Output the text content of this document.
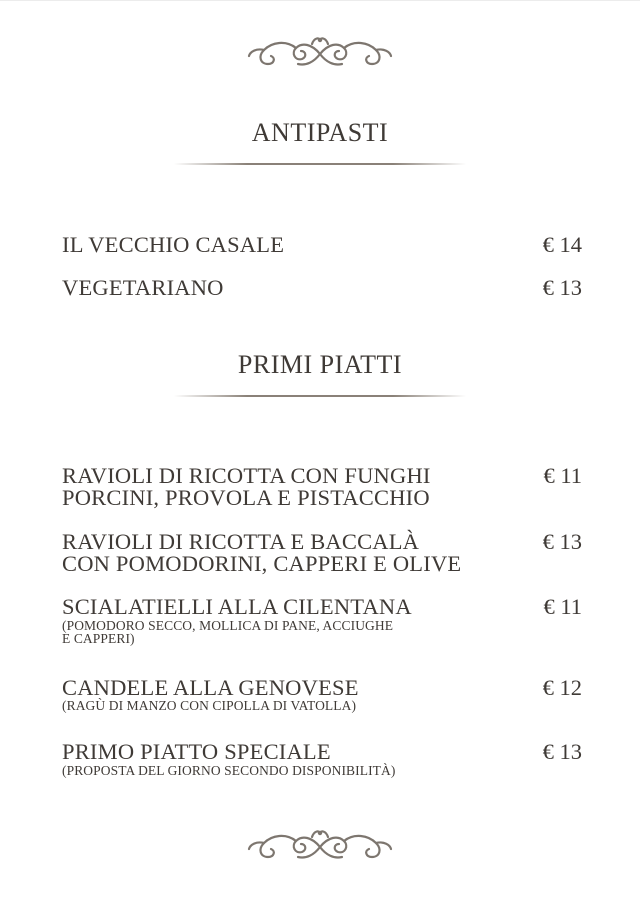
ANTIPASTI
IL VECCHIO CASALE	€ 14
VEGETARIANO	€ 13
PRIMI PIATTI
RAVIOLI DI RICOTTA CON FUNGHI
PORCINI, PROVOLA E PISTACCHIO
€ 11
RAVIOLI DI RICOTTA E BACCALÀ
CON POMODORINI, CAPPERI E OLIVE
€ 13
SCIALATIELLI ALLA CILENTANA
(POMODORO SECCO, MOLLICA DI PANE, ACCIUGHE
E CAPPERI)
€ 11
CANDELE ALLA GENOVESE
(RAGÙ DI MANZO CON CIPOLLA DI VATOLLA)
€ 12
PRIMO PIATTO SPECIALE
(PROPOSTA DEL GIORNO SECONDO DISPONIBILITÀ)
€ 13
